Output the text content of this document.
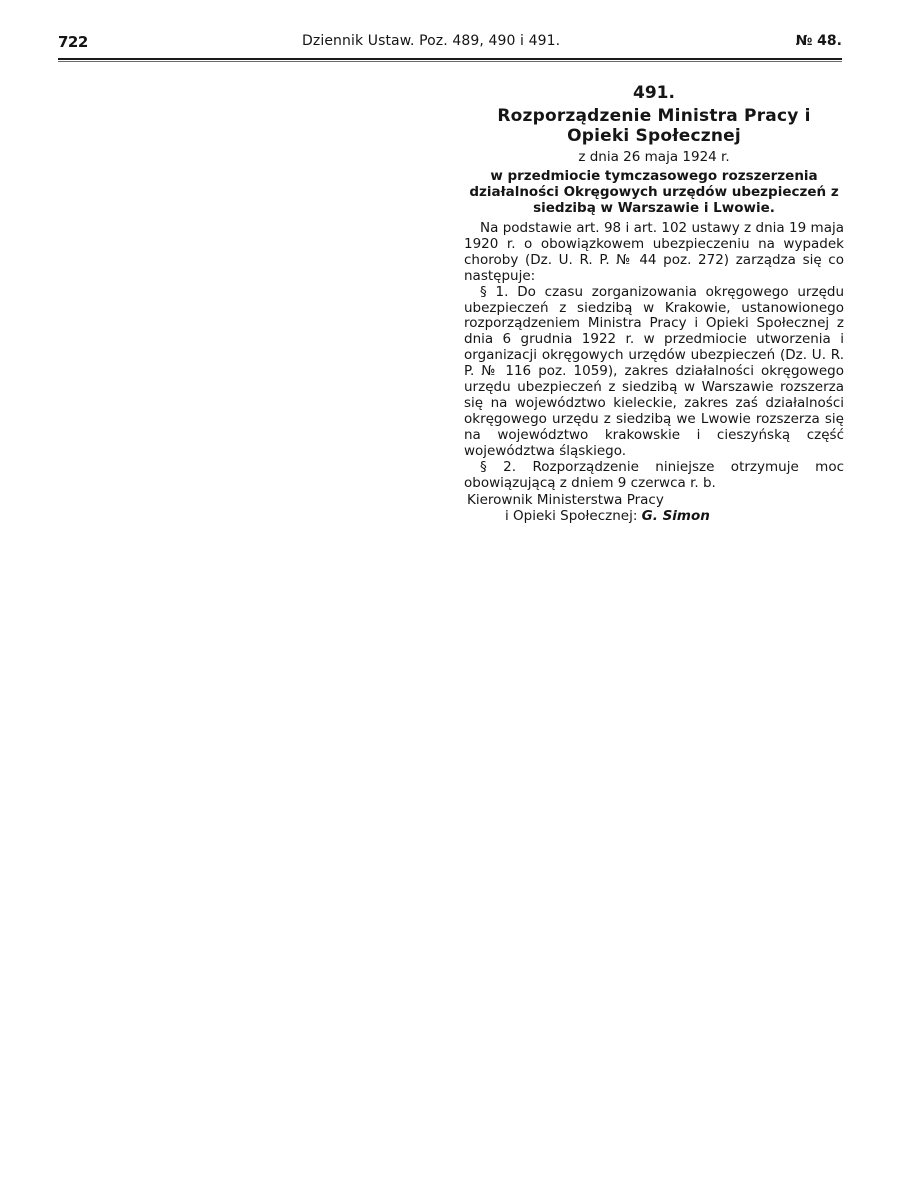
722	Dziennik Ustaw. Poz. 489, 490 i 491.	№ 48.
491.
Rozporządzenie Ministra Pracy i Opieki Społecznej
z dnia 26 maja 1924 r.
w przedmiocie tymczasowego rozszerzenia działalności Okręgowych urzędów ubezpieczeń z siedzibą w Warszawie i Lwowie.

Na podstawie art. 98 i art. 102 ustawy z dnia 19 maja 1920 r. o obowiązkowem ubezpieczeniu na wypadek choroby (Dz. U. R. P. № 44 poz. 272) zarządza się co następuje:

§ 1. Do czasu zorganizowania okręgowego urzędu ubezpieczeń z siedzibą w Krakowie, ustanowionego rozporządzeniem Ministra Pracy i Opieki Społecznej z dnia 6 grudnia 1922 r. w przedmiocie utworzenia i organizacji okręgowych urzędów ubezpieczeń (Dz. U. R. P. № 116 poz. 1059), zakres działalności okręgowego urzędu ubezpieczeń z siedzibą w Warszawie rozszerza się na województwo kieleckie, zakres zaś działalności okręgowego urzędu z siedzibą we Lwowie rozszerza się na województwo krakowskie i cieszyńską część województwa śląskiego.

§ 2. Rozporządzenie niniejsze otrzymuje moc obowiązującą z dniem 9 czerwca r. b.

Kierownik Ministerstwa Pracy
i Opieki Społecznej: G. Simon
